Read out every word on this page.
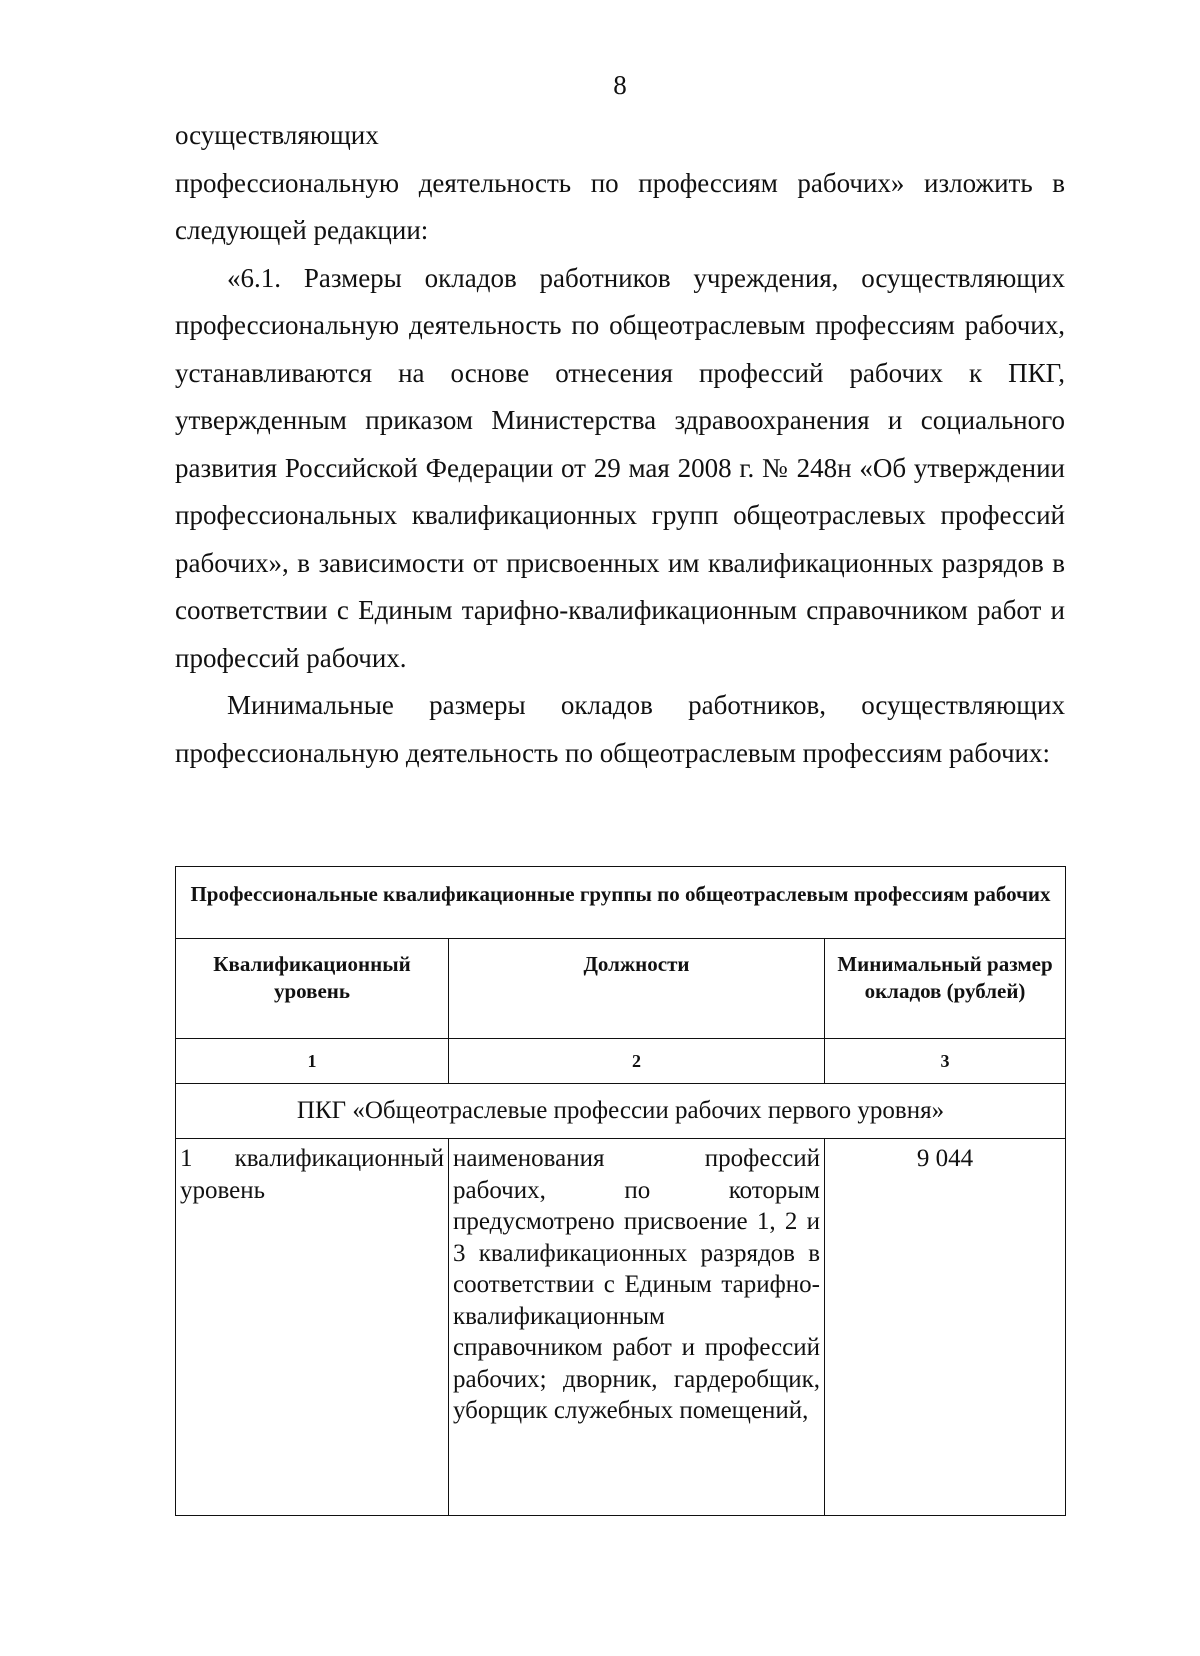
8

осуществляющих

профессиональную деятельность по профессиям рабочих» изложить в следующей редакции:

«6.1. Размеры окладов работников учреждения, осуществляющих профессиональную деятельность по общеотраслевым профессиям рабочих, устанавливаются на основе отнесения профессий рабочих к ПКГ, утвержденным приказом Министерства здравоохранения и социального развития Российской Федерации от 29 мая 2008 г. № 248н «Об утверждении профессиональных квалификационных групп общеотраслевых профессий рабочих», в зависимости от присвоенных им квалификационных разрядов в соответствии с Единым тарифно-квалификационным справочником работ и профессий рабочих.

Минимальные размеры окладов работников, осуществляющих профессиональную деятельность по общеотраслевым профессиям рабочих:

Профессиональные квалификационные группы по общеотраслевым профессиям рабочих		
Квалификационный уровень	Должности	Минимальный размер окладов (рублей)
1	2	3
ПКГ «Общеотраслевые профессии рабочих первого уровня»		
1 квалификационный уровень	наименования профессий рабочих, по которым предусмотрено присвоение 1, 2 и 3 квалификационных разрядов в соответствии с Единым тарифно-квалификационным справочником работ и профессий рабочих; дворник, гардеробщик, уборщик служебных помещений,	9 044
